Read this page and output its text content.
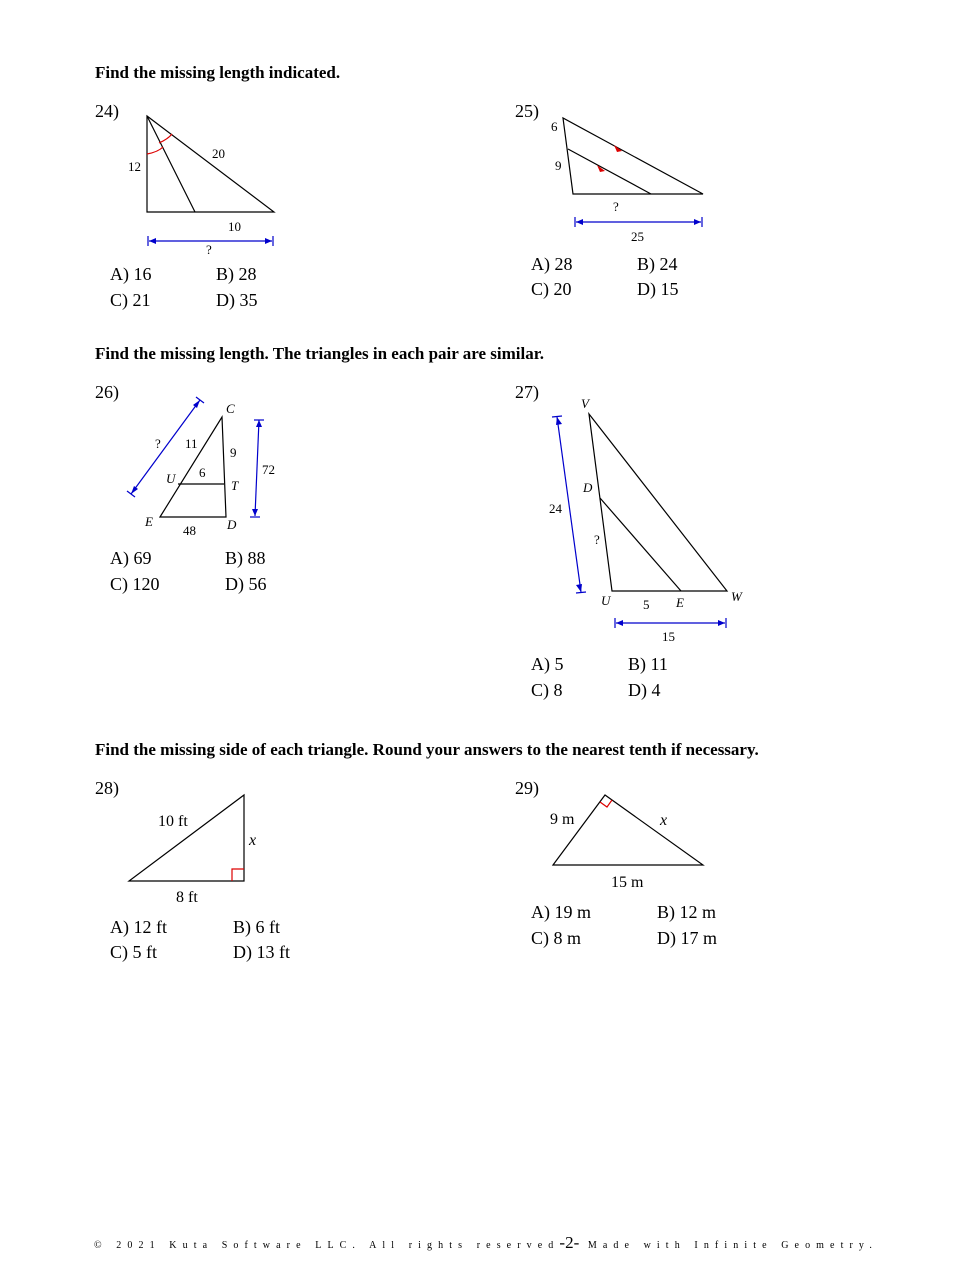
Find the missing length indicated.
Find the missing length. The triangles in each pair are similar.
Find the missing side of each triangle. Round your answers to the nearest tenth if necessary.
24)
12
20
10
?
A) 16	B) 28
C) 21	D) 35
25)
6
9
?
25
A) 28	B) 24
C) 20	D) 15
26)
? 11
9
6
48
72
C
U	T
E	D
A) 69	B) 88
C) 120	D) 56
27)
V
D
U	E	W
24
?
5
15
A) 5	B) 11
C) 8	D) 4
28)
10 ft
x
8 ft
A) 12 ft	B) 6 ft
C) 5 ft	D) 13 ft
29)
9 m	x
15 m
A) 19 m	B) 12 m
C) 8 m	D) 17 m
© 2021 Kuta Software LLC. All rights reserved-2- Made with Infinite Geometry.
